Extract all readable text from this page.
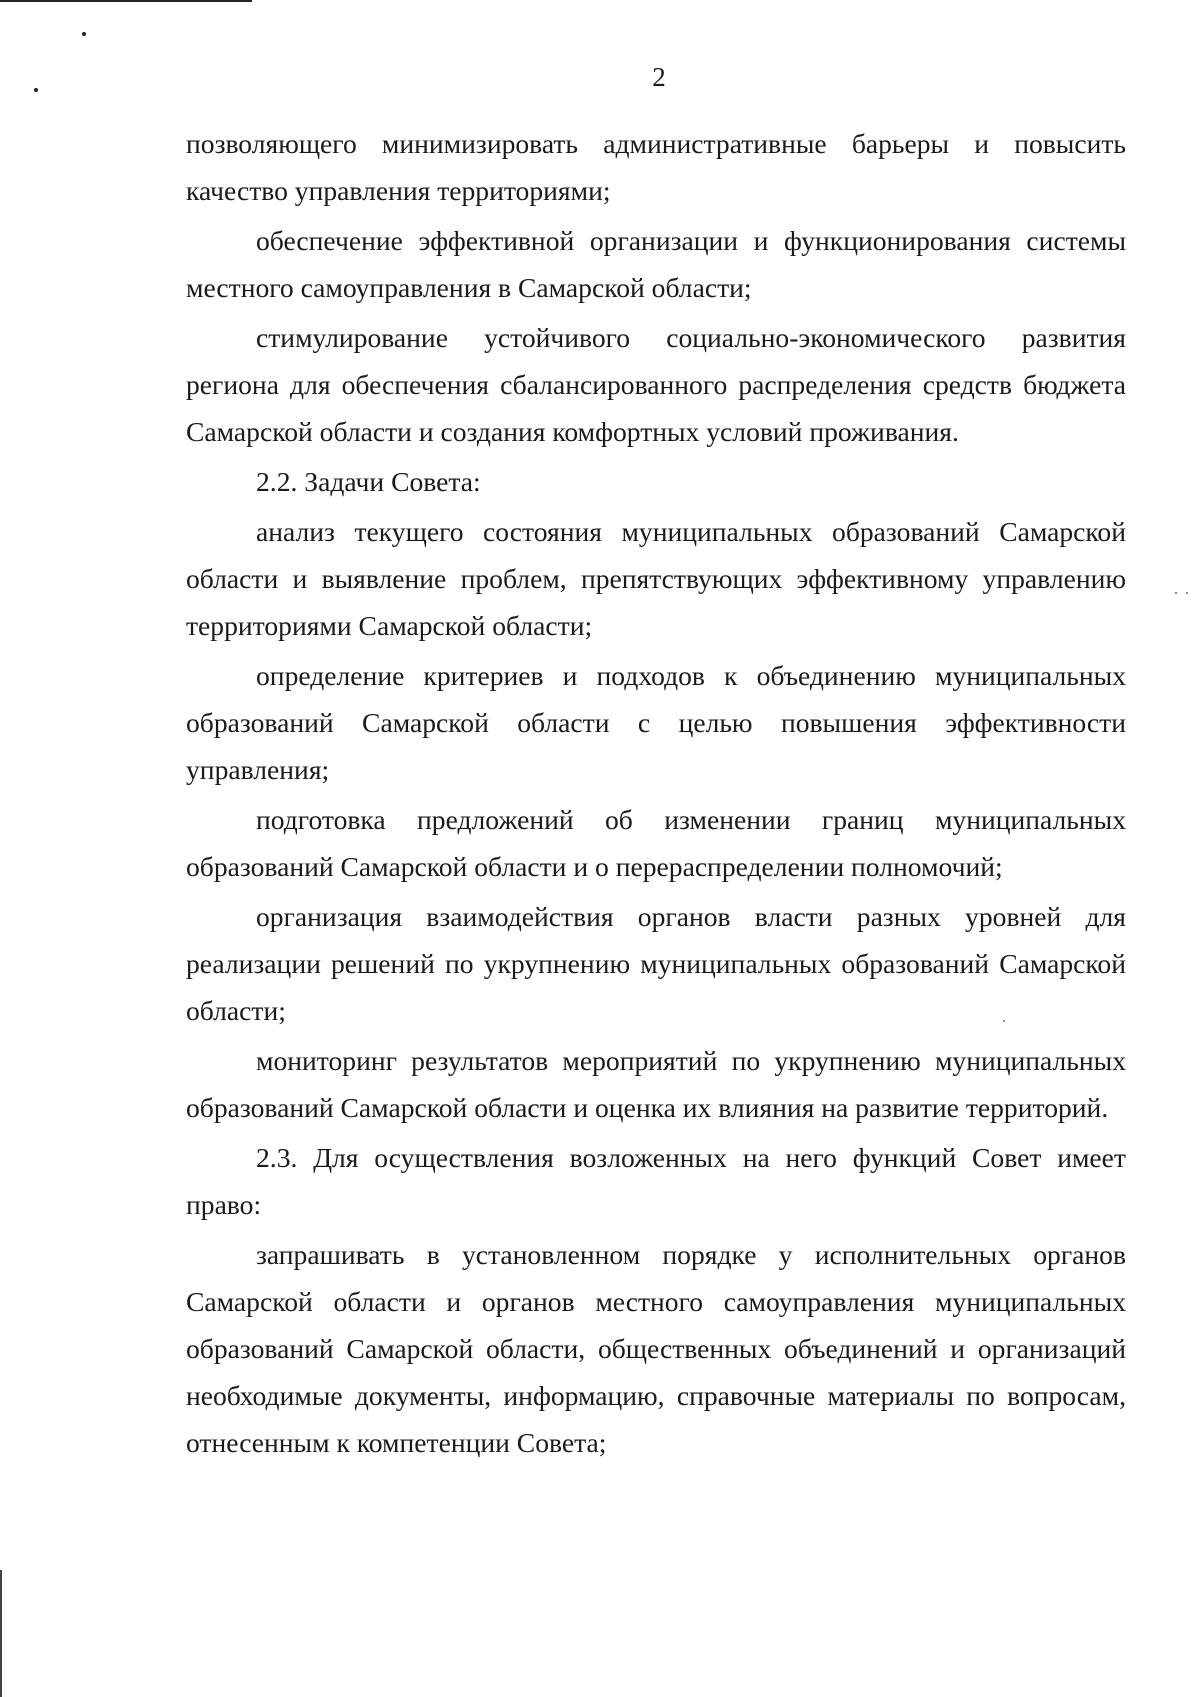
2

позволяющего минимизировать административные барьеры и повысить качество управления территориями;

обеспечение эффективной организации и функционирования системы местного самоуправления в Самарской области;

стимулирование устойчивого социально-экономического развития региона для обеспечения сбалансированного распределения средств бюджета Самарской области и создания комфортных условий проживания.

2.2. Задачи Совета:

анализ текущего состояния муниципальных образований Самарской области и выявление проблем, препятствующих эффективному управлению территориями Самарской области;

определение критериев и подходов к объединению муниципальных образований Самарской области с целью повышения эффективности управления;

подготовка предложений об изменении границ муниципальных образований Самарской области и о перераспределении полномочий;

организация взаимодействия органов власти разных уровней для реализации решений по укрупнению муниципальных образований Самарской области;

мониторинг результатов мероприятий по укрупнению муниципальных образований Самарской области и оценка их влияния на развитие территорий.

2.3. Для осуществления возложенных на него функций Совет имеет право:

запрашивать в установленном порядке у исполнительных органов Самарской области и органов местного самоуправления муниципальных образований Самарской области, общественных объединений и организаций необходимые документы, информацию, справочные материалы по вопросам, отнесенным к компетенции Совета;
